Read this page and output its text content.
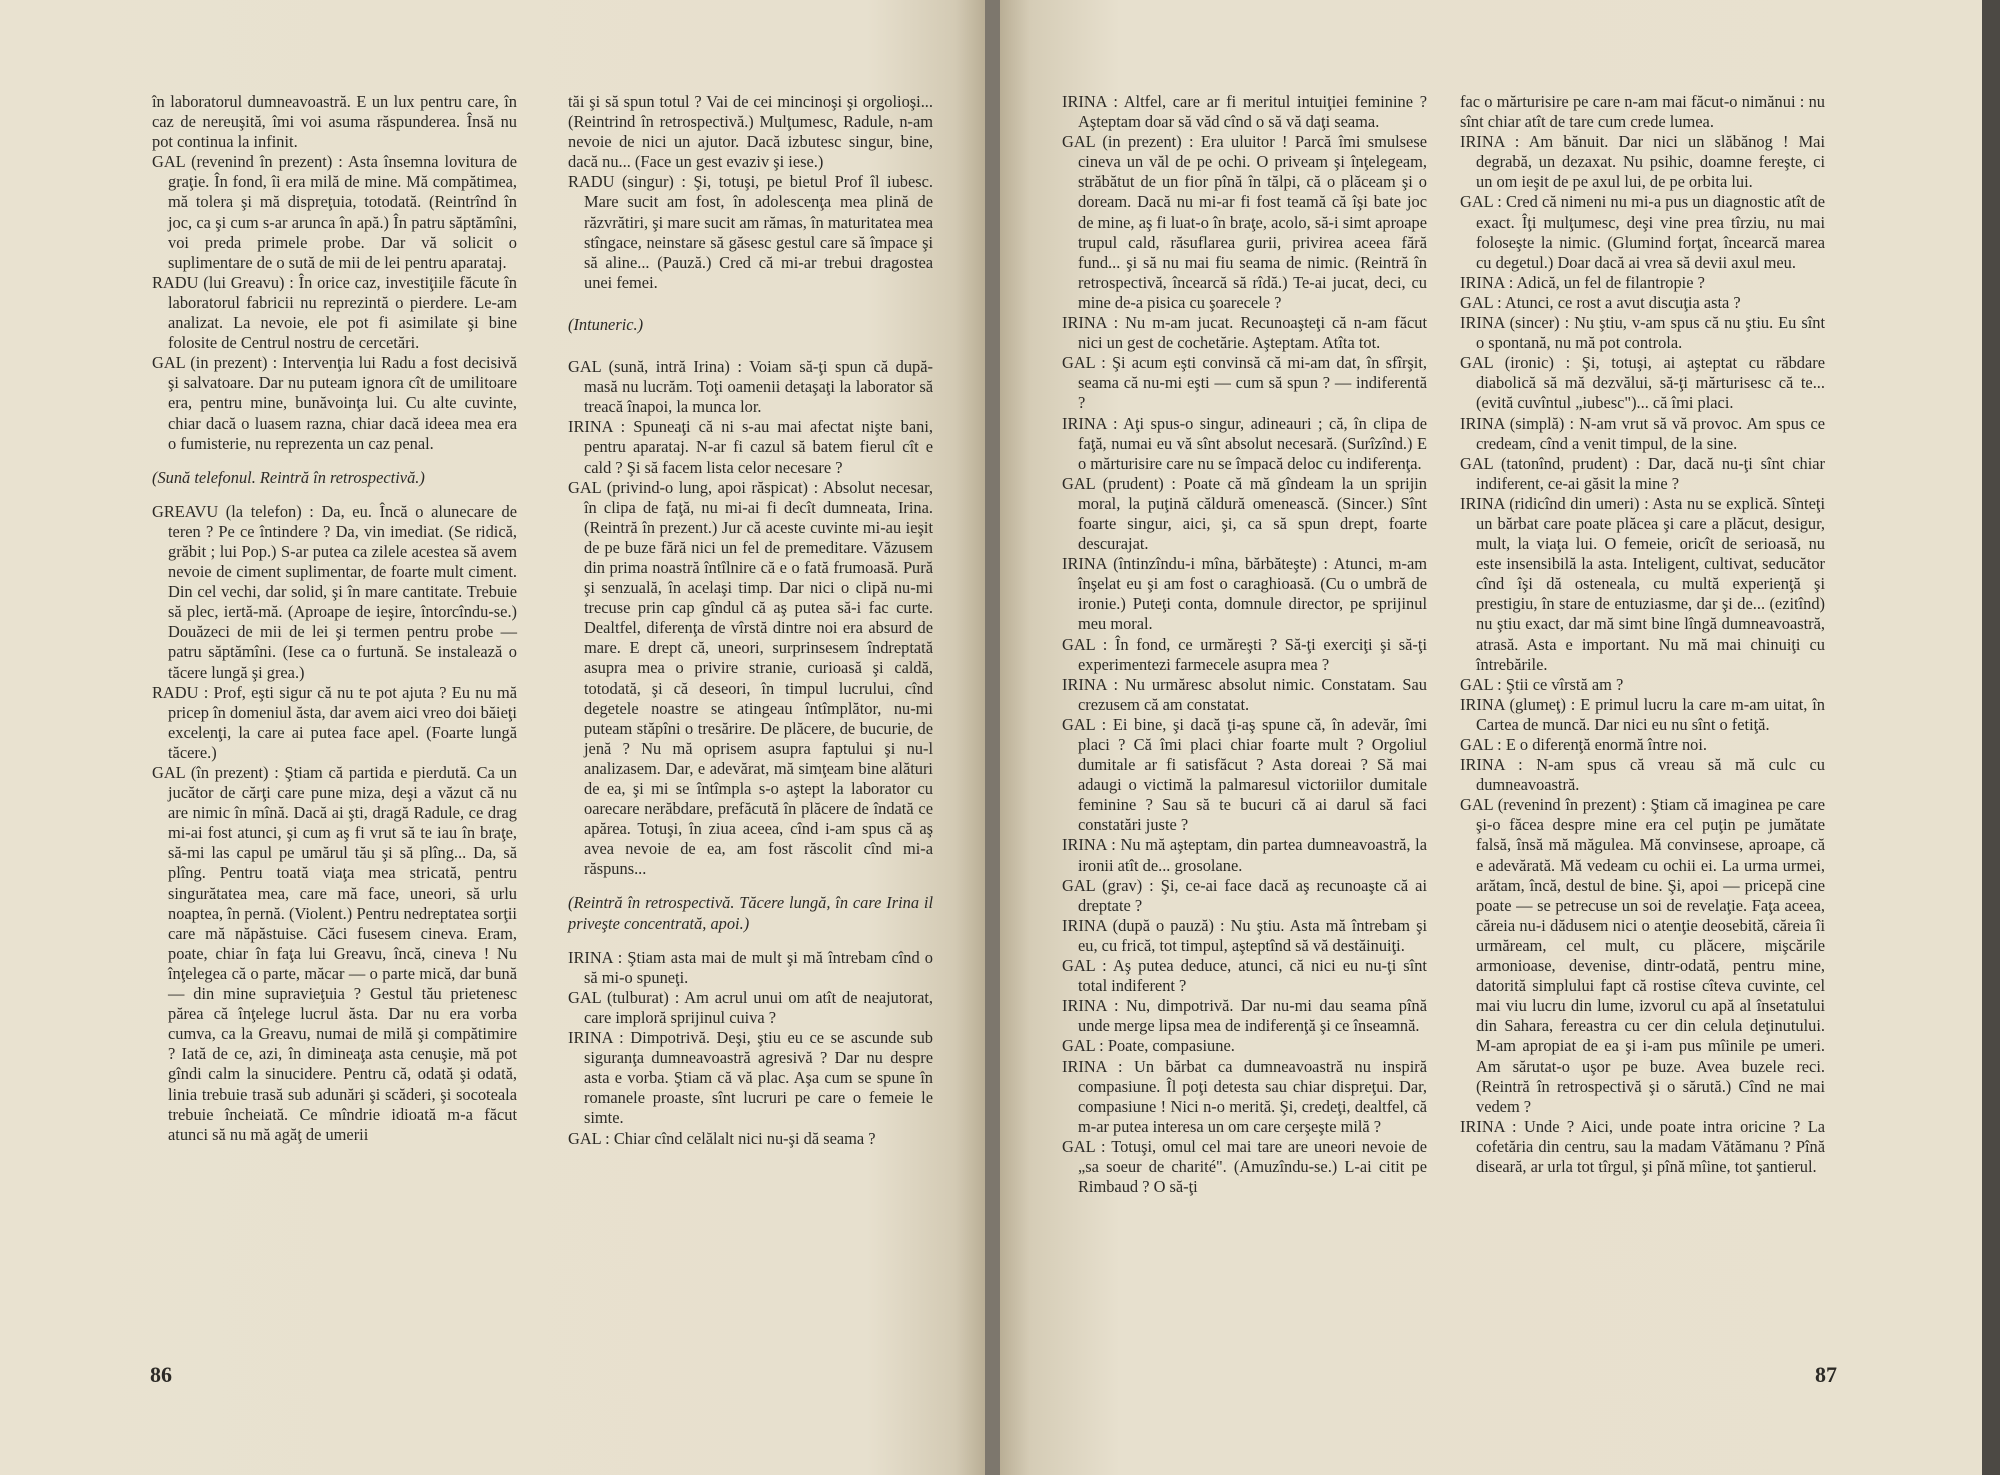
în laboratorul dumneavoastră. E un lux pentru care, în caz de nereuşită, îmi voi asuma răspunderea. Însă nu pot continua la infinit.

GAL (revenind în prezent) : Asta însemna lovitura de graţie. În fond, îi era milă de mine. Mă compătimea, mă tolera şi mă dispreţuia, totodată. (Reintrînd în joc, ca şi cum s-ar arunca în apă.) În patru săptămîni, voi preda primele probe. Dar vă solicit o suplimentare de o sută de mii de lei pentru aparataj.

RADU (lui Greavu) : În orice caz, investiţiile făcute în laboratorul fabricii nu reprezintă o pierdere. Le-am analizat. La nevoie, ele pot fi asimilate şi bine folosite de Centrul nostru de cercetări.

GAL (in prezent) : Intervenţia lui Radu a fost decisivă şi salvatoare. Dar nu puteam ignora cît de umilitoare era, pentru mine, bunăvoinţa lui. Cu alte cuvinte, chiar dacă o luasem razna, chiar dacă ideea mea era o fumisterie, nu reprezenta un caz penal.

(Sună telefonul. Reintră în retrospectivă.)

GREAVU (la telefon) : Da, eu. Încă o alunecare de teren ? Pe ce întindere ? Da, vin imediat. (Se ridică, grăbit ; lui Pop.) S-ar putea ca zilele acestea să avem nevoie de ciment suplimentar, de foarte mult ciment. Din cel vechi, dar solid, şi în mare cantitate. Trebuie să plec, iertă-mă. (Aproape de ieşire, întorcîndu-se.) Douăzeci de mii de lei şi termen pentru probe — patru săptămîni. (Iese ca o furtună. Se instalează o tăcere lungă şi grea.)

RADU : Prof, eşti sigur că nu te pot ajuta ? Eu nu mă pricep în domeniul ăsta, dar avem aici vreo doi băieţi excelenţi, la care ai putea face apel. (Foarte lungă tăcere.)

GAL (în prezent) : Ştiam că partida e pierdută. Ca un jucător de cărţi care pune miza, deşi a văzut că nu are nimic în mînă. Dacă ai şti, dragă Radule, ce drag mi-ai fost atunci, şi cum aş fi vrut să te iau în braţe, să-mi las capul pe umărul tău şi să plîng... Da, să plîng. Pentru toată viaţa mea stricată, pentru singurătatea mea, care mă face, uneori, să urlu noaptea, în pernă. (Violent.) Pentru nedreptatea sorţii care mă năpăstuise. Căci fusesem cineva. Eram, poate, chiar în faţa lui Greavu, încă, cineva ! Nu înţelegea că o parte, măcar — o parte mică, dar bună — din mine supravieţuia ? Gestul tău prietenesc părea că înţelege lucrul ăsta. Dar nu era vorba cumva, ca la Greavu, numai de milă şi compătimire ? Iată de ce, azi, în dimineaţa asta cenuşie, mă pot gîndi calm la sinucidere. Pentru că, odată şi odată, linia trebuie trasă sub adunări şi scăderi, şi socoteala trebuie încheiată. Ce mîndrie idioată m-a făcut atunci să nu mă agăţ de umerii

tăi şi să spun totul ? Vai de cei mincinoşi şi orgolioşi... (Reintrind în retrospectivă.) Mulţumesc, Radule, n-am nevoie de nici un ajutor. Dacă izbutesc singur, bine, dacă nu... (Face un gest evaziv şi iese.)

RADU (singur) : Şi, totuşi, pe bietul Prof îl iubesc. Mare sucit am fost, în adolescenţa mea plină de răzvrătiri, şi mare sucit am rămas, în maturitatea mea stîngace, neinstare să găsesc gestul care să împace şi să aline... (Pauză.) Cred că mi-ar trebui dragostea unei femei.

(Intuneric.)

GAL (sună, intră Irina) : Voiam să-ţi spun că după-masă nu lucrăm. Toţi oamenii detaşaţi la laborator să treacă înapoi, la munca lor.

IRINA : Spuneaţi că ni s-au mai afectat nişte bani, pentru aparataj. N-ar fi cazul să batem fierul cît e cald ? Şi să facem lista celor necesare ?

GAL (privind-o lung, apoi răspicat) : Absolut necesar, în clipa de faţă, nu mi-ai fi decît dumneata, Irina. (Reintră în prezent.) Jur că aceste cuvinte mi-au ieşit de pe buze fără nici un fel de premeditare. Văzusem din prima noastră întîlnire că e o fată frumoasă. Pură şi senzuală, în acelaşi timp. Dar nici o clipă nu-mi trecuse prin cap gîndul că aş putea să-i fac curte. Dealtfel, diferenţa de vîrstă dintre noi era absurd de mare. E drept că, uneori, surprinsesem îndreptată asupra mea o privire stranie, curioasă şi caldă, totodată, şi că deseori, în timpul lucrului, cînd degetele noastre se atingeau întîmplător, nu-mi puteam stăpîni o tresărire. De plăcere, de bucurie, de jenă ? Nu mă oprisem asupra faptului şi nu-l analizasem. Dar, e adevărat, mă simţeam bine alături de ea, şi mi se întîmpla s-o aştept la laborator cu oarecare nerăbdare, prefăcută în plăcere de îndată ce apărea. Totuşi, în ziua aceea, cînd i-am spus că aş avea nevoie de ea, am fost răscolit cînd mi-a răspuns...

(Reintră în retrospectivă. Tăcere lungă, în care Irina il priveşte concentrată, apoi.)

IRINA : Ştiam asta mai de mult şi mă întrebam cînd o să mi-o spuneţi.

GAL (tulburat) : Am acrul unui om atît de neajutorat, care imploră sprijinul cuiva ?

IRINA : Dimpotrivă. Deşi, ştiu eu ce se ascunde sub siguranţa dumneavoastră agresivă ? Dar nu despre asta e vorba. Ştiam că vă plac. Aşa cum se spune în romanele proaste, sînt lucruri pe care o femeie le simte.

GAL : Chiar cînd celălalt nici nu-şi dă seama ?

86

IRINA : Altfel, care ar fi meritul intuiţiei feminine ? Aşteptam doar să văd cînd o să vă daţi seama.

GAL (in prezent) : Era uluitor ! Parcă îmi smulsese cineva un văl de pe ochi. O priveam şi înţelegeam, străbătut de un fior pînă în tălpi, că o plăceam şi o doream. Dacă nu mi-ar fi fost teamă că îşi bate joc de mine, aş fi luat-o în braţe, acolo, să-i simt aproape trupul cald, răsuflarea gurii, privirea aceea fără fund... şi să nu mai fiu seama de nimic. (Reintră în retrospectivă, încearcă să rîdă.) Te-ai jucat, deci, cu mine de-a pisica cu şoarecele ?

IRINA : Nu m-am jucat. Recunoaşteţi că n-am făcut nici un gest de cochetărie. Aşteptam. Atîta tot.

GAL : Şi acum eşti convinsă că mi-am dat, în sfîrşit, seama că nu-mi eşti — cum să spun ? — indiferentă ?

IRINA : Aţi spus-o singur, adineauri ; că, în clipa de faţă, numai eu vă sînt absolut necesară. (Surîzînd.) E o mărturisire care nu se împacă deloc cu indiferenţa.

GAL (prudent) : Poate că mă gîndeam la un sprijin moral, la puţină căldură omenească. (Sincer.) Sînt foarte singur, aici, şi, ca să spun drept, foarte descurajat.

IRINA (întinzîndu-i mîna, bărbăteşte) : Atunci, m-am înşelat eu şi am fost o caraghioasă. (Cu o umbră de ironie.) Puteţi conta, domnule director, pe sprijinul meu moral.

GAL : În fond, ce urmăreşti ? Să-ţi exerciţi şi să-ţi experimentezi farmecele asupra mea ?

IRINA : Nu urmăresc absolut nimic. Constatam. Sau crezusem că am constatat.

GAL : Ei bine, şi dacă ţi-aş spune că, în adevăr, îmi placi ? Că îmi placi chiar foarte mult ? Orgoliul dumitale ar fi satisfăcut ? Asta doreai ? Să mai adaugi o victimă la palmaresul victoriilor dumitale feminine ? Sau să te bucuri că ai darul să faci constatări juste ?

IRINA : Nu mă aşteptam, din partea dumneavoastră, la ironii atît de... grosolane.

GAL (grav) : Şi, ce-ai face dacă aş recunoaşte că ai dreptate ?

IRINA (după o pauză) : Nu ştiu. Asta mă întrebam şi eu, cu frică, tot timpul, aşteptînd să vă destăinuiţi.

GAL : Aş putea deduce, atunci, că nici eu nu-ţi sînt total indiferent ?

IRINA : Nu, dimpotrivă. Dar nu-mi dau seama pînă unde merge lipsa mea de indiferenţă şi ce înseamnă.

GAL : Poate, compasiune.

IRINA : Un bărbat ca dumneavoastră nu inspiră compasiune. Îl poţi detesta sau chiar dispreţui. Dar, compasiune ! Nici n-o merită. Şi, credeţi, dealtfel, că m-ar putea interesa un om care cerşeşte milă ?

GAL : Totuşi, omul cel mai tare are uneori nevoie de „sa soeur de charité". (Amuzîndu-se.) L-ai citit pe Rimbaud ? O să-ţi

fac o mărturisire pe care n-am mai făcut-o nimănui : nu sînt chiar atît de tare cum crede lumea.

IRINA : Am bănuit. Dar nici un slăbănog ! Mai degrabă, un dezaxat. Nu psihic, doamne fereşte, ci un om ieşit de pe axul lui, de pe orbita lui.

GAL : Cred că nimeni nu mi-a pus un diagnostic atît de exact. Îţi mulţumesc, deşi vine prea tîrziu, nu mai foloseşte la nimic. (Glumind forţat, încearcă marea cu degetul.) Doar dacă ai vrea să devii axul meu.

IRINA : Adică, un fel de filantropie ?

GAL : Atunci, ce rost a avut discuţia asta ?

IRINA (sincer) : Nu ştiu, v-am spus că nu ştiu. Eu sînt o spontană, nu mă pot controla.

GAL (ironic) : Şi, totuşi, ai aşteptat cu răbdare diabolică să mă dezvălui, să-ţi mărturisesc că te... (evită cuvîntul „iubesc")... că îmi placi.

IRINA (simplă) : N-am vrut să vă provoc. Am spus ce credeam, cînd a venit timpul, de la sine.

GAL (tatonînd, prudent) : Dar, dacă nu-ţi sînt chiar indiferent, ce-ai găsit la mine ?

IRINA (ridicînd din umeri) : Asta nu se explică. Sînteţi un bărbat care poate plăcea şi care a plăcut, desigur, mult, la viaţa lui. O femeie, oricît de serioasă, nu este insensibilă la asta. Inteligent, cultivat, seducător cînd îşi dă osteneala, cu multă experienţă şi prestigiu, în stare de entuziasme, dar şi de... (ezitînd) nu ştiu exact, dar mă simt bine lîngă dumneavoastră, atrasă. Asta e important. Nu mă mai chinuiţi cu întrebările.

GAL : Ştii ce vîrstă am ?

IRINA (glumeţ) : E primul lucru la care m-am uitat, în Cartea de muncă. Dar nici eu nu sînt o fetiţă.

GAL : E o diferenţă enormă între noi.

IRINA : N-am spus că vreau să mă culc cu dumneavoastră.

GAL (revenind în prezent) : Ştiam că imaginea pe care şi-o făcea despre mine era cel puţin pe jumătate falsă, însă mă măgulea. Mă convinsese, aproape, că e adevărată. Mă vedeam cu ochii ei. La urma urmei, arătam, încă, destul de bine. Şi, apoi — pricepă cine poate — se petrecuse un soi de revelaţie. Faţa aceea, căreia nu-i dădusem nici o atenţie deosebită, căreia îi urmăream, cel mult, cu plăcere, mişcările armonioase, devenise, dintr-odată, pentru mine, datorită simplului fapt că rostise cîteva cuvinte, cel mai viu lucru din lume, izvorul cu apă al însetatului din Sahara, fereastra cu cer din celula deţinutului. M-am apropiat de ea şi i-am pus mîinile pe umeri. Am sărutat-o uşor pe buze. Avea buzele reci. (Reintră în retrospectivă şi o sărută.) Cînd ne mai vedem ?

IRINA : Unde ? Aici, unde poate intra oricine ? La cofetăria din centru, sau la madam Vătămanu ? Pînă diseară, ar urla tot tîrgul, şi pînă mîine, tot şantierul.

87
